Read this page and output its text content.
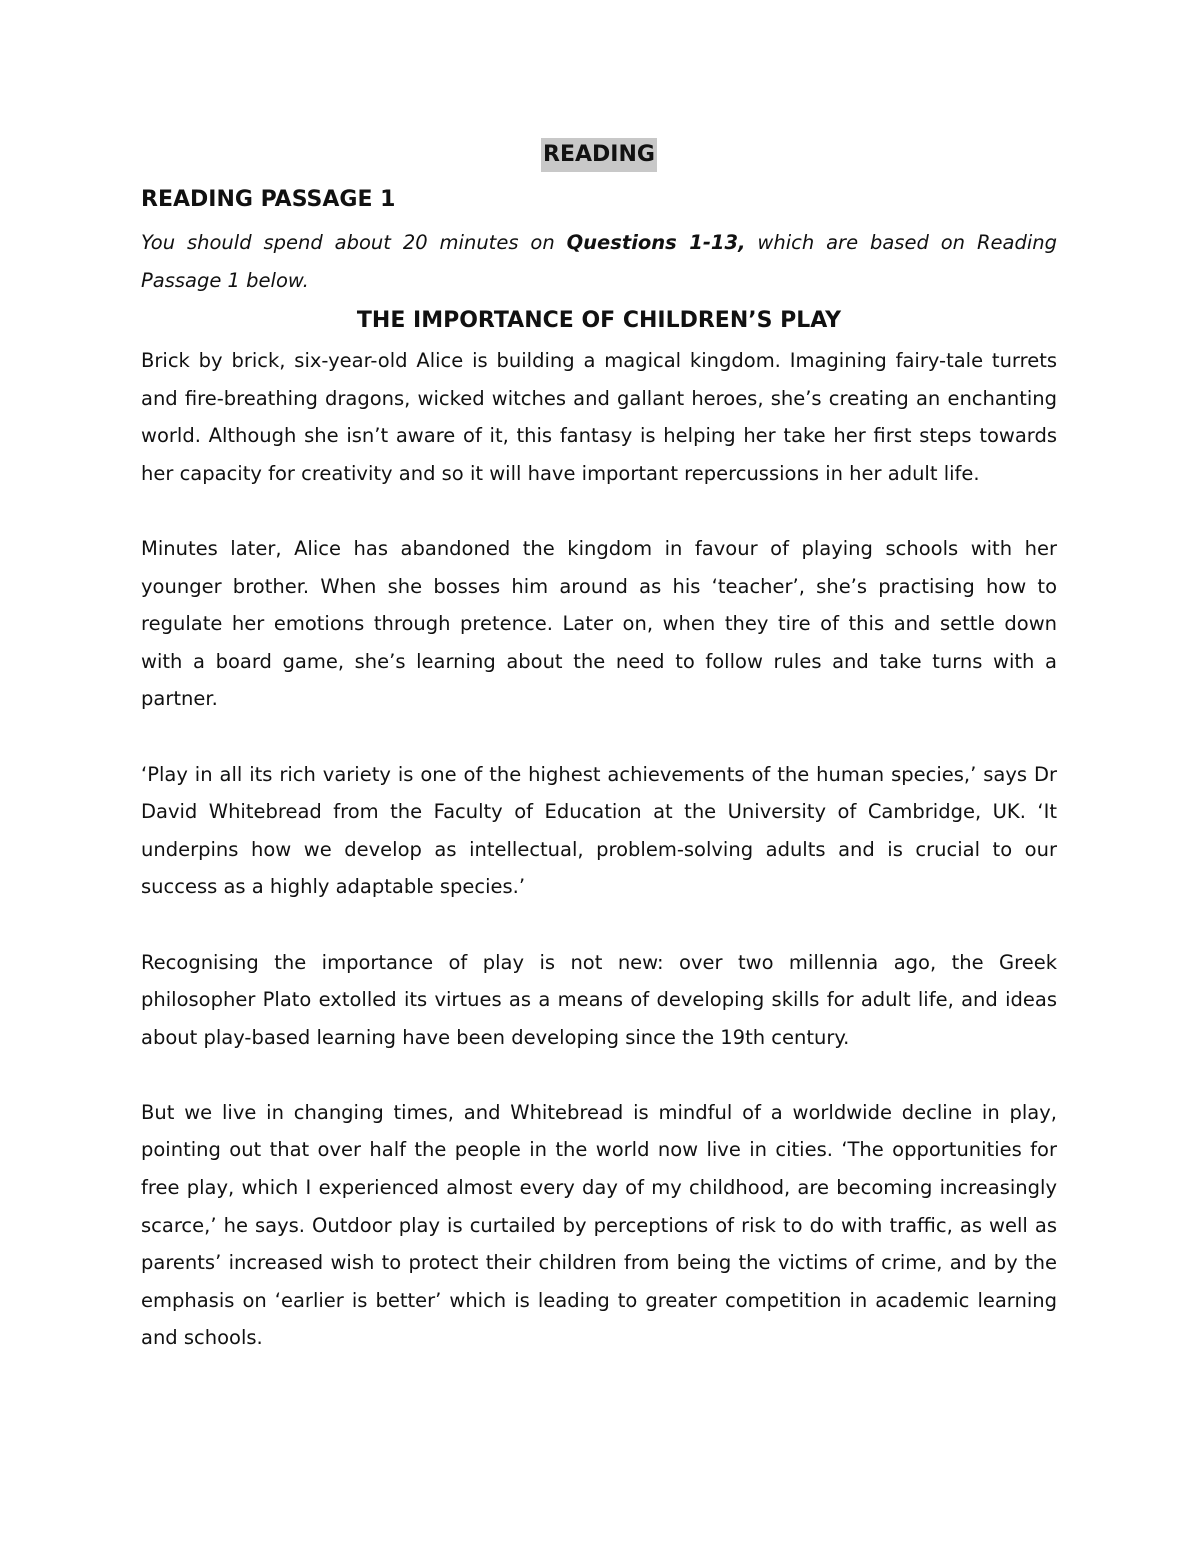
READING
READING PASSAGE 1

You should spend about 20 minutes on Questions 1-13, which are based on Reading Passage 1 below.

THE IMPORTANCE OF CHILDREN’S PLAY

Brick by brick, six-year-old Alice is building a magical kingdom. Imagining fairy-tale turrets and fire-breathing dragons, wicked witches and gallant heroes, she’s creating an enchanting world. Although she isn’t aware of it, this fantasy is helping her take her first steps towards her capacity for creativity and so it will have important repercussions in her adult life.

Minutes later, Alice has abandoned the kingdom in favour of playing schools with her younger brother. When she bosses him around as his ‘teacher’, she’s practising how to regulate her emotions through pretence. Later on, when they tire of this and settle down with a board game, she’s learning about the need to follow rules and take turns with a partner.

‘Play in all its rich variety is one of the highest achievements of the human species,’ says Dr David Whitebread from the Faculty of Education at the University of Cambridge, UK. ‘It underpins how we develop as intellectual, problem-solving adults and is crucial to our success as a highly adaptable species.’

Recognising the importance of play is not new: over two millennia ago, the Greek philosopher Plato extolled its virtues as a means of developing skills for adult life, and ideas about play-based learning have been developing since the 19th century.

But we live in changing times, and Whitebread is mindful of a worldwide decline in play, pointing out that over half the people in the world now live in cities. ‘The opportunities for free play, which I experienced almost every day of my childhood, are becoming increasingly scarce,’ he says. Outdoor play is curtailed by perceptions of risk to do with traffic, as well as parents’ increased wish to protect their children from being the victims of crime, and by the emphasis on ‘earlier is better’ which is leading to greater competition in academic learning and schools.
